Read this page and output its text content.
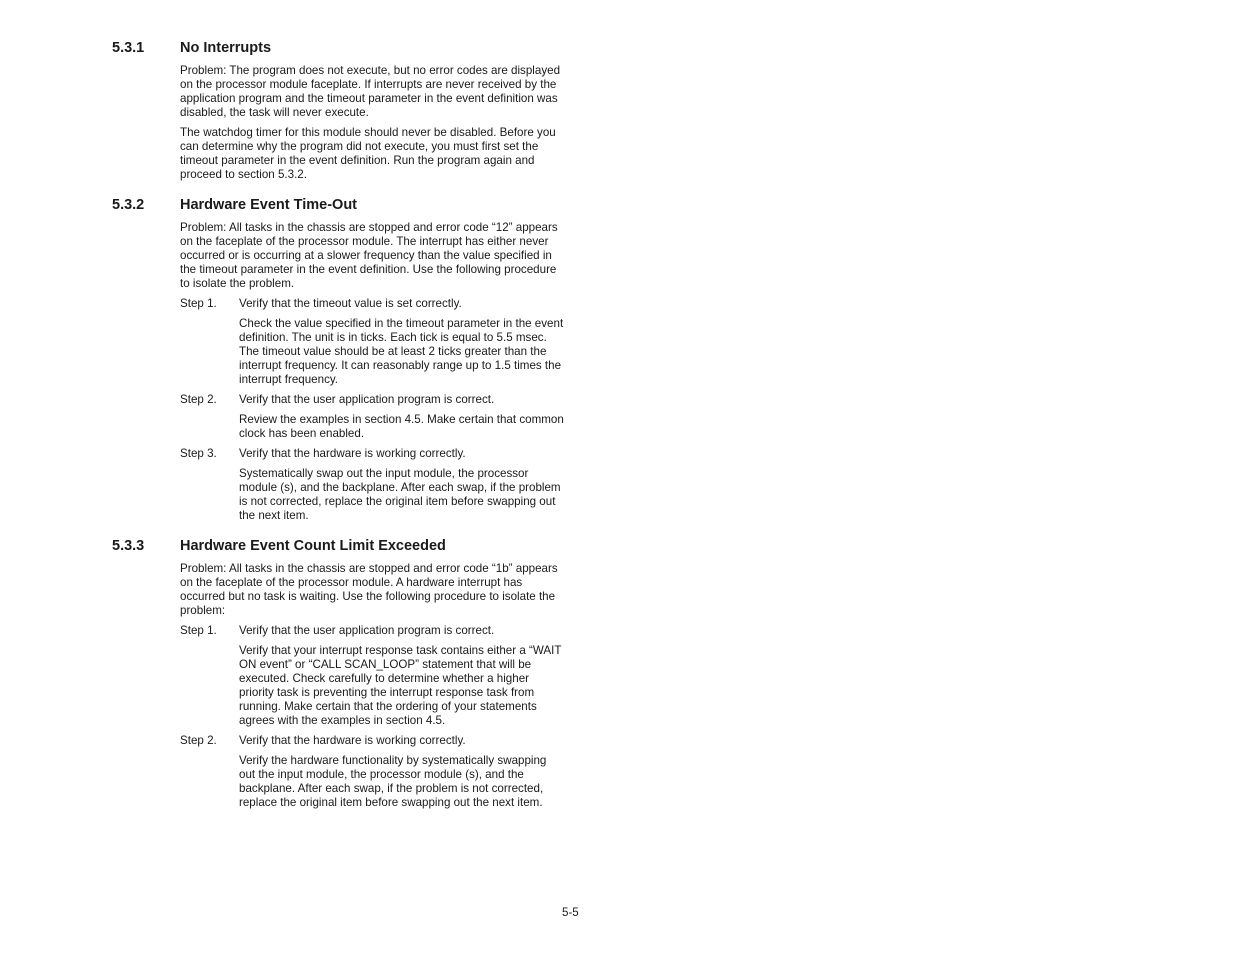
5.3.1	No Interrupts

Problem: The program does not execute, but no error codes are displayed on the processor module faceplate. If interrupts are never received by the application program and the timeout parameter in the event definition was disabled, the task will never execute.

The watchdog timer for this module should never be disabled. Before you can determine why the program did not execute, you must first set the timeout parameter in the event definition. Run the program again and proceed to section 5.3.2.

5.3.2	Hardware Event Time-Out

Problem: All tasks in the chassis are stopped and error code “12” appears on the faceplate of the processor module. The interrupt has either never occurred or is occurring at a slower frequency than the value specified in the timeout parameter in the event definition. Use the following procedure to isolate the problem.

Step 1.	Verify that the timeout value is set correctly.

Check the value specified in the timeout parameter in the event definition. The unit is in ticks. Each tick is equal to 5.5 msec. The timeout value should be at least 2 ticks greater than the interrupt frequency. It can reasonably range up to 1.5 times the interrupt frequency.

Step 2.	Verify that the user application program is correct.

Review the examples in section 4.5. Make certain that common clock has been enabled.

Step 3.	Verify that the hardware is working correctly.

Systematically swap out the input module, the processor module (s), and the backplane. After each swap, if the problem is not corrected, replace the original item before swapping out the next item.

5.3.3	Hardware Event Count Limit Exceeded

Problem: All tasks in the chassis are stopped and error code “1b” appears on the faceplate of the processor module. A hardware interrupt has occurred but no task is waiting. Use the following procedure to isolate the problem:

Step 1.	Verify that the user application program is correct.

Verify that your interrupt response task contains either a “WAIT ON event” or “CALL SCAN_LOOP” statement that will be executed. Check carefully to determine whether a higher priority task is preventing the interrupt response task from running. Make certain that the ordering of your statements agrees with the examples in section 4.5.

Step 2.	Verify that the hardware is working correctly.

Verify the hardware functionality by systematically swapping out the input module, the processor module (s), and the backplane. After each swap, if the problem is not corrected, replace the original item before swapping out the next item.

5-5
